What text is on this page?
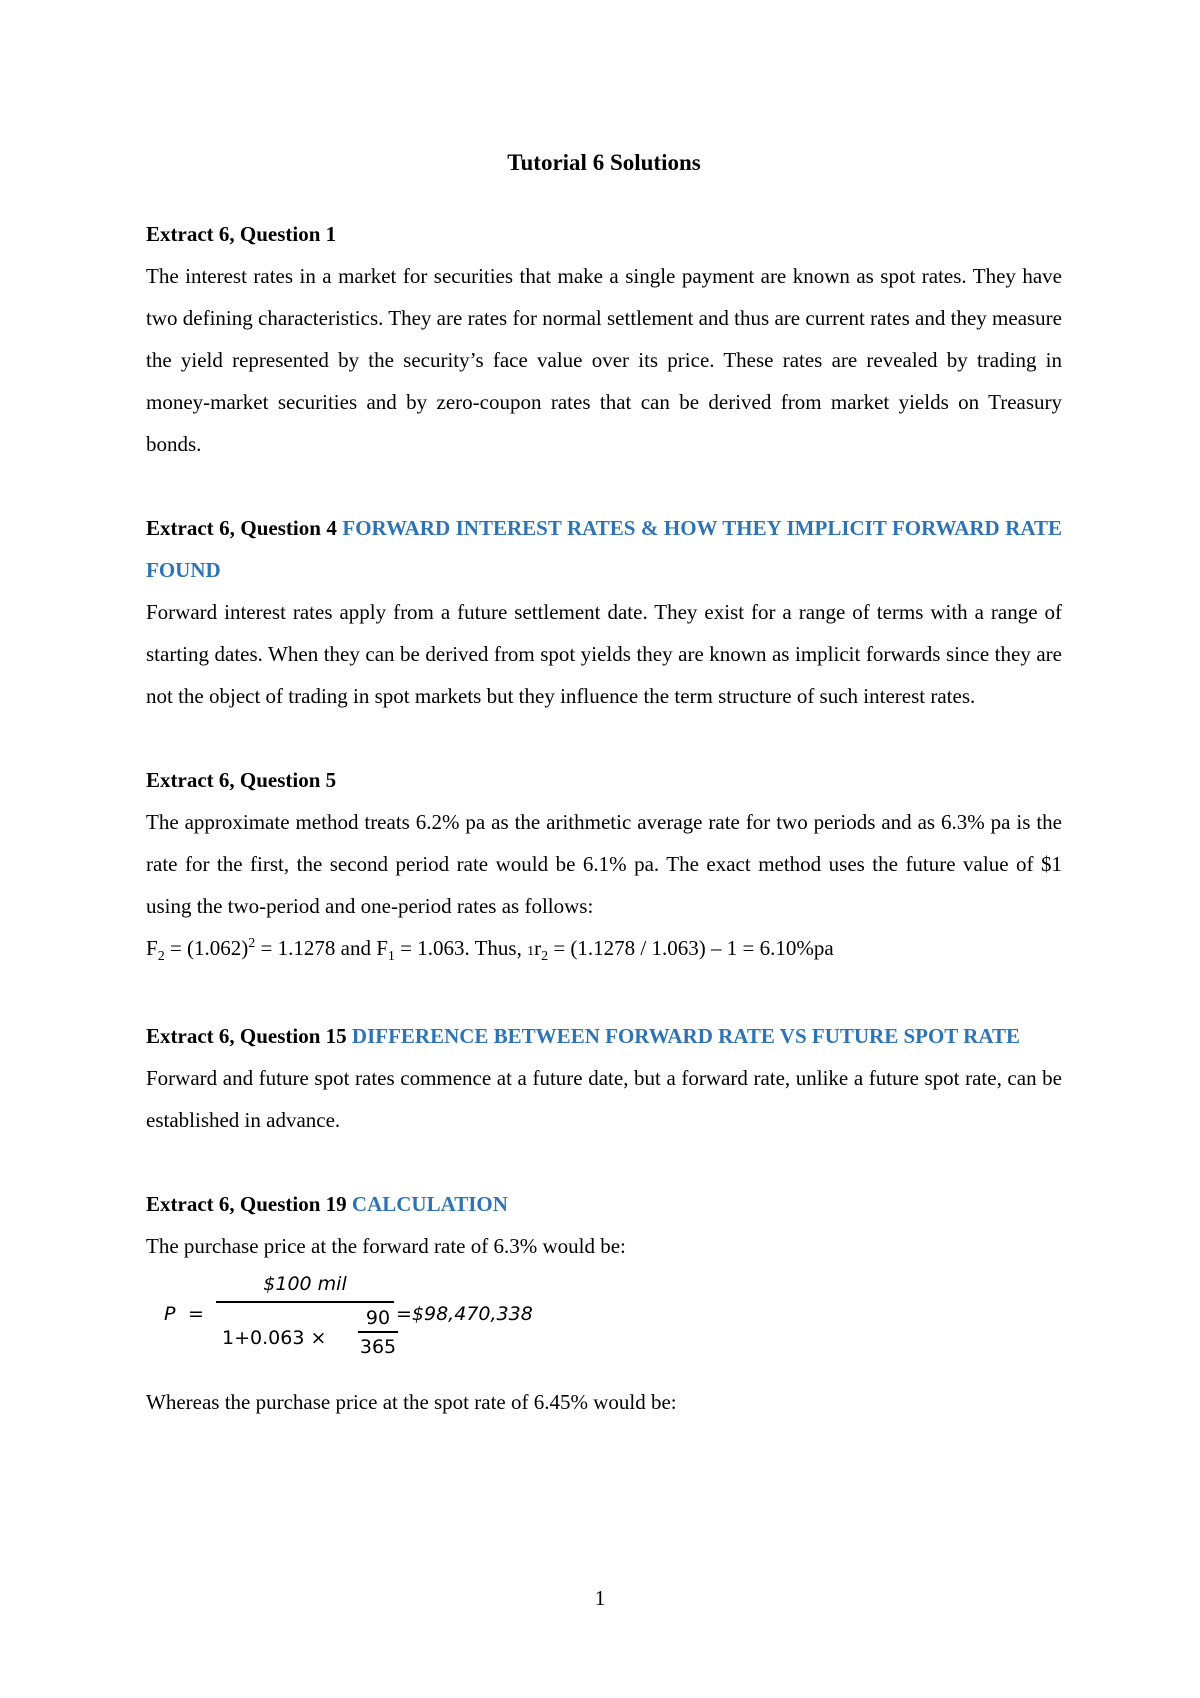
Tutorial 6 Solutions

Extract 6, Question 1

The interest rates in a market for securities that make a single payment are known as spot rates. They have two defining characteristics. They are rates for normal settlement and thus are current rates and they measure the yield represented by the security’s face value over its price. These rates are revealed by trading in money-market securities and by zero-coupon rates that can be derived from market yields on Treasury bonds.

Extract 6, Question 4 FORWARD INTEREST RATES & HOW THEY IMPLICIT FORWARD RATE FOUND

Forward interest rates apply from a future settlement date. They exist for a range of terms with a range of starting dates. When they can be derived from spot yields they are known as implicit forwards since they are not the object of trading in spot markets but they influence the term structure of such interest rates.

Extract 6, Question 5

The approximate method treats 6.2% pa as the arithmetic average rate for two periods and as 6.3% pa is the rate for the first, the second period rate would be 6.1% pa. The exact method uses the future value of $1 using the two-period and one-period rates as follows:

$F_2 = (1.062)^2 = 1.1278$ and $F_1 = 1.063$. Thus, $1r_2 = (1.1278 / 1.063) - 1 = 6.10\%pa$

Extract 6, Question 15 DIFFERENCE BETWEEN FORWARD RATE VS FUTURE SPOT RATE

Forward and future spot rates commence at a future date, but a forward rate, unlike a future spot rate, can be established in advance.

Extract 6, Question 19 CALCULATION

The purchase price at the forward rate of 6.3% would be:

P =
$100 mil
1+0.063 ×
90
365
=$98,470,338

Whereas the purchase price at the spot rate of 6.45% would be:

1
